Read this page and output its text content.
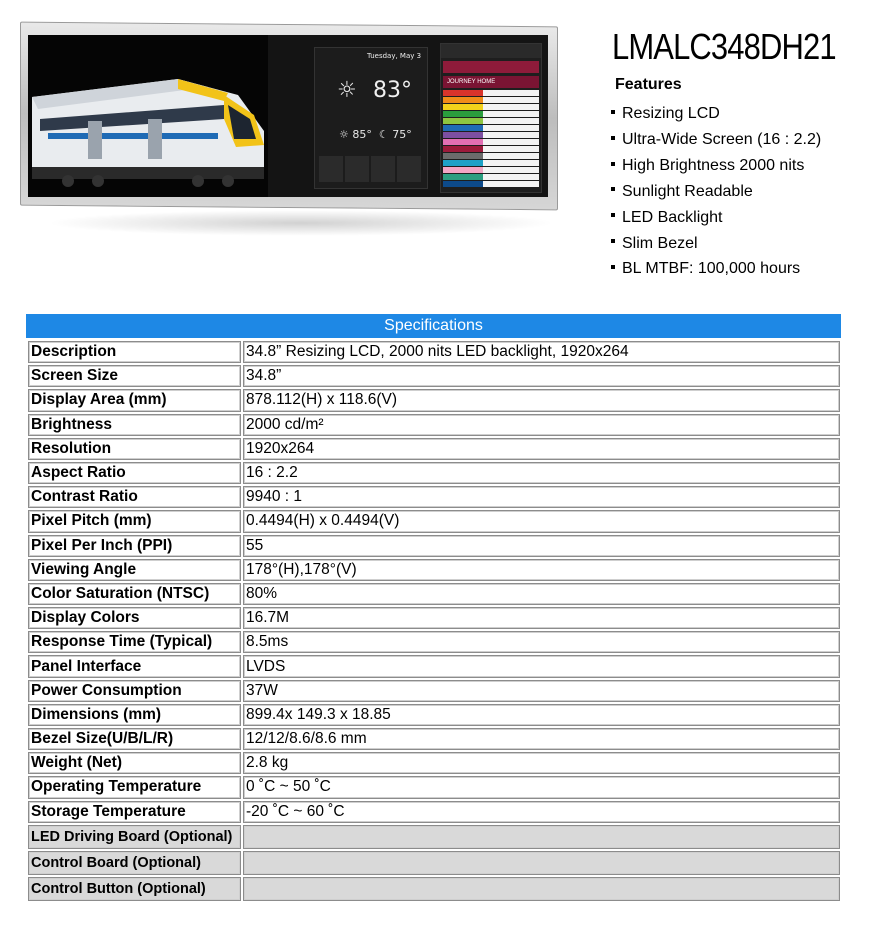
Tuesday, May 3
☼ 83°
☼ 85°  ☾ 75°
JOURNEY HOME
LMALC348DH21
Features
Resizing LCD
Ultra-Wide Screen (16 : 2.2)
High Brightness 2000 nits
Sunlight Readable
LED Backlight
Slim Bezel
BL MTBF: 100,000 hours
Specifications
Description	34.8” Resizing LCD, 2000 nits LED backlight, 1920x264
Screen Size	34.8”
Display Area (mm)	878.112(H) x 118.6(V)
Brightness	2000 cd/m²
Resolution	1920x264
Aspect Ratio	16 : 2.2
Contrast Ratio	9940 : 1
Pixel Pitch (mm)	0.4494(H) x 0.4494(V)
Pixel Per Inch (PPI)	55
Viewing Angle	178°(H),178°(V)
Color Saturation (NTSC)	80%
Display Colors	16.7M
Response Time (Typical)	8.5ms
Panel Interface	LVDS
Power Consumption	37W
Dimensions (mm)	899.4x 149.3 x 18.85
Bezel Size(U/B/L/R)	12/12/8.6/8.6 mm
Weight (Net)	2.8 kg
Operating Temperature	0 ˚C ~ 50 ˚C
Storage Temperature	-20 ˚C ~ 60 ˚C
LED Driving Board (Optional)	
Control Board (Optional)	
Control Button (Optional)	
